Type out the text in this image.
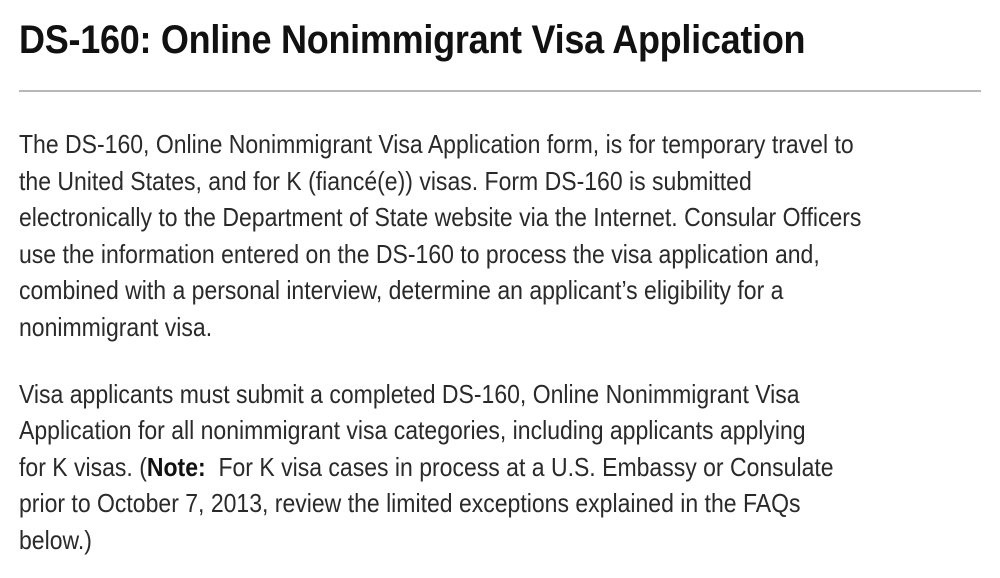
DS-160: Online Nonimmigrant Visa Application

The DS-160, Online Nonimmigrant Visa Application form, is for temporary travel to
the United States, and for K (fiancé(e)) visas. Form DS-160 is submitted
electronically to the Department of State website via the Internet. Consular Officers
use the information entered on the DS-160 to process the visa application and,
combined with a personal interview, determine an applicant’s eligibility for a
nonimmigrant visa.

Visa applicants must submit a completed DS-160, Online Nonimmigrant Visa
Application for all nonimmigrant visa categories, including applicants applying
for K visas. (Note:  For K visa cases in process at a U.S. Embassy or Consulate
prior to October 7, 2013, review the limited exceptions explained in the FAQs
below.)
